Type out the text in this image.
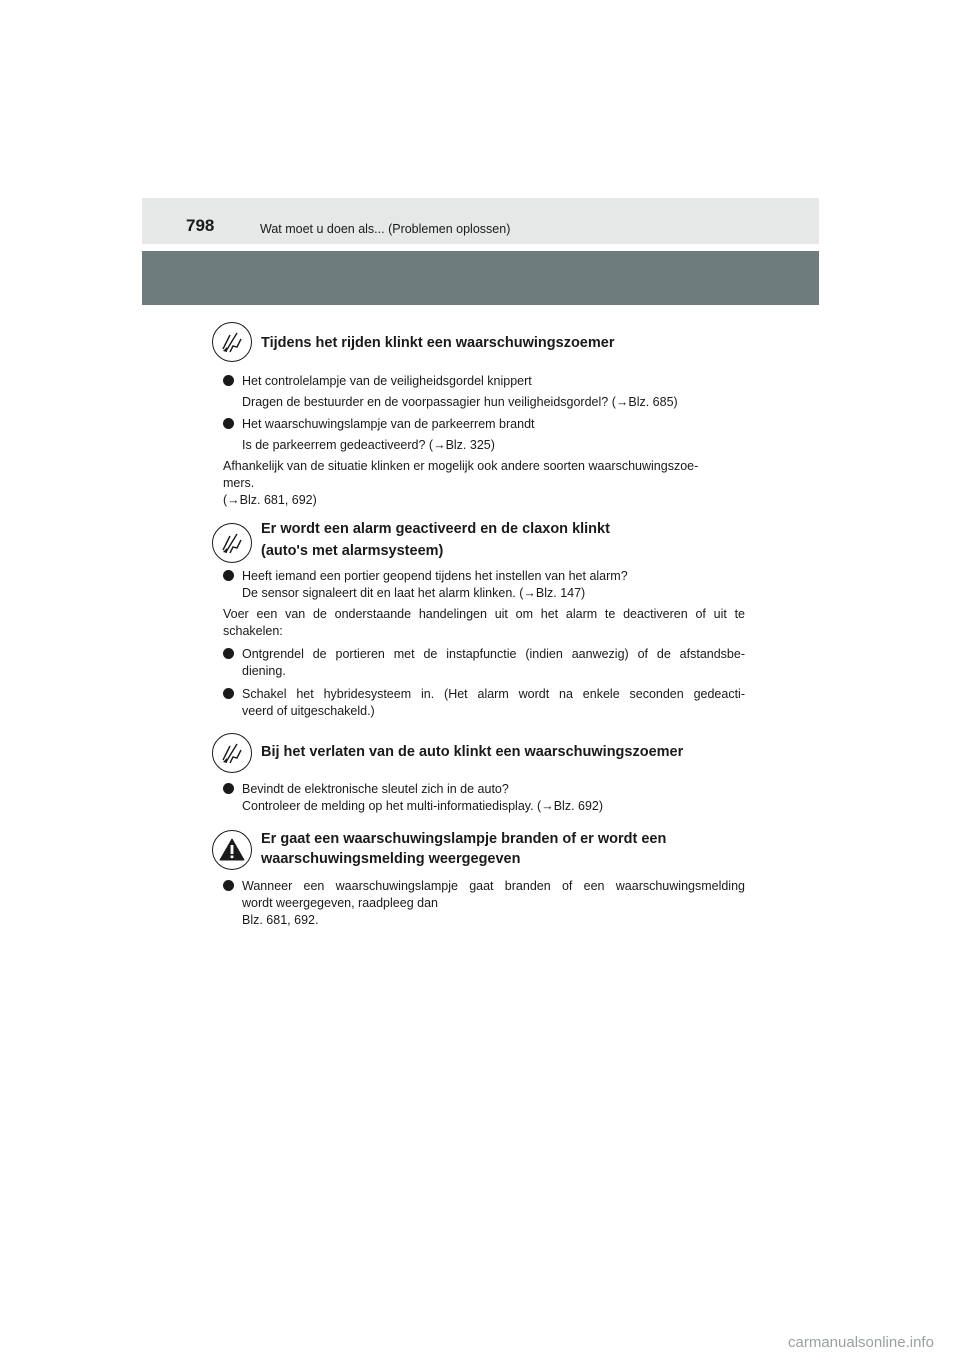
798	Wat moet u doen als... (Problemen oplossen)
Tijdens het rijden klinkt een waarschuwingszoemer
Het controlelampje van de veiligheidsgordel knippert
Dragen de bestuurder en de voorpassagier hun veiligheidsgordel? (→Blz. 685)
Het waarschuwingslampje van de parkeerrem brandt
Is de parkeerrem gedeactiveerd? (→Blz. 325)
Afhankelijk van de situatie klinken er mogelijk ook andere soorten waarschuwingszoe-
mers.
(→Blz. 681, 692)
Er wordt een alarm geactiveerd en de claxon klinkt
(auto's met alarmsysteem)
Heeft iemand een portier geopend tijdens het instellen van het alarm?
De sensor signaleert dit en laat het alarm klinken. (→Blz. 147)
Voer een van de onderstaande handelingen uit om het alarm te deactiveren of uit te
schakelen:
Ontgrendel de portieren met de instapfunctie (indien aanwezig) of de afstandsbe-
diening.
Schakel het hybridesysteem in. (Het alarm wordt na enkele seconden gedeacti-
veerd of uitgeschakeld.)
Bij het verlaten van de auto klinkt een waarschuwingszoemer
Bevindt de elektronische sleutel zich in de auto?
Controleer de melding op het multi-informatiedisplay. (→Blz. 692)
Er gaat een waarschuwingslampje branden of er wordt een
waarschuwingsmelding weergegeven
Wanneer een waarschuwingslampje gaat branden of een waarschuwingsmelding
wordt weergegeven, raadpleeg dan
Blz. 681, 692.
carmanualsonline.info
